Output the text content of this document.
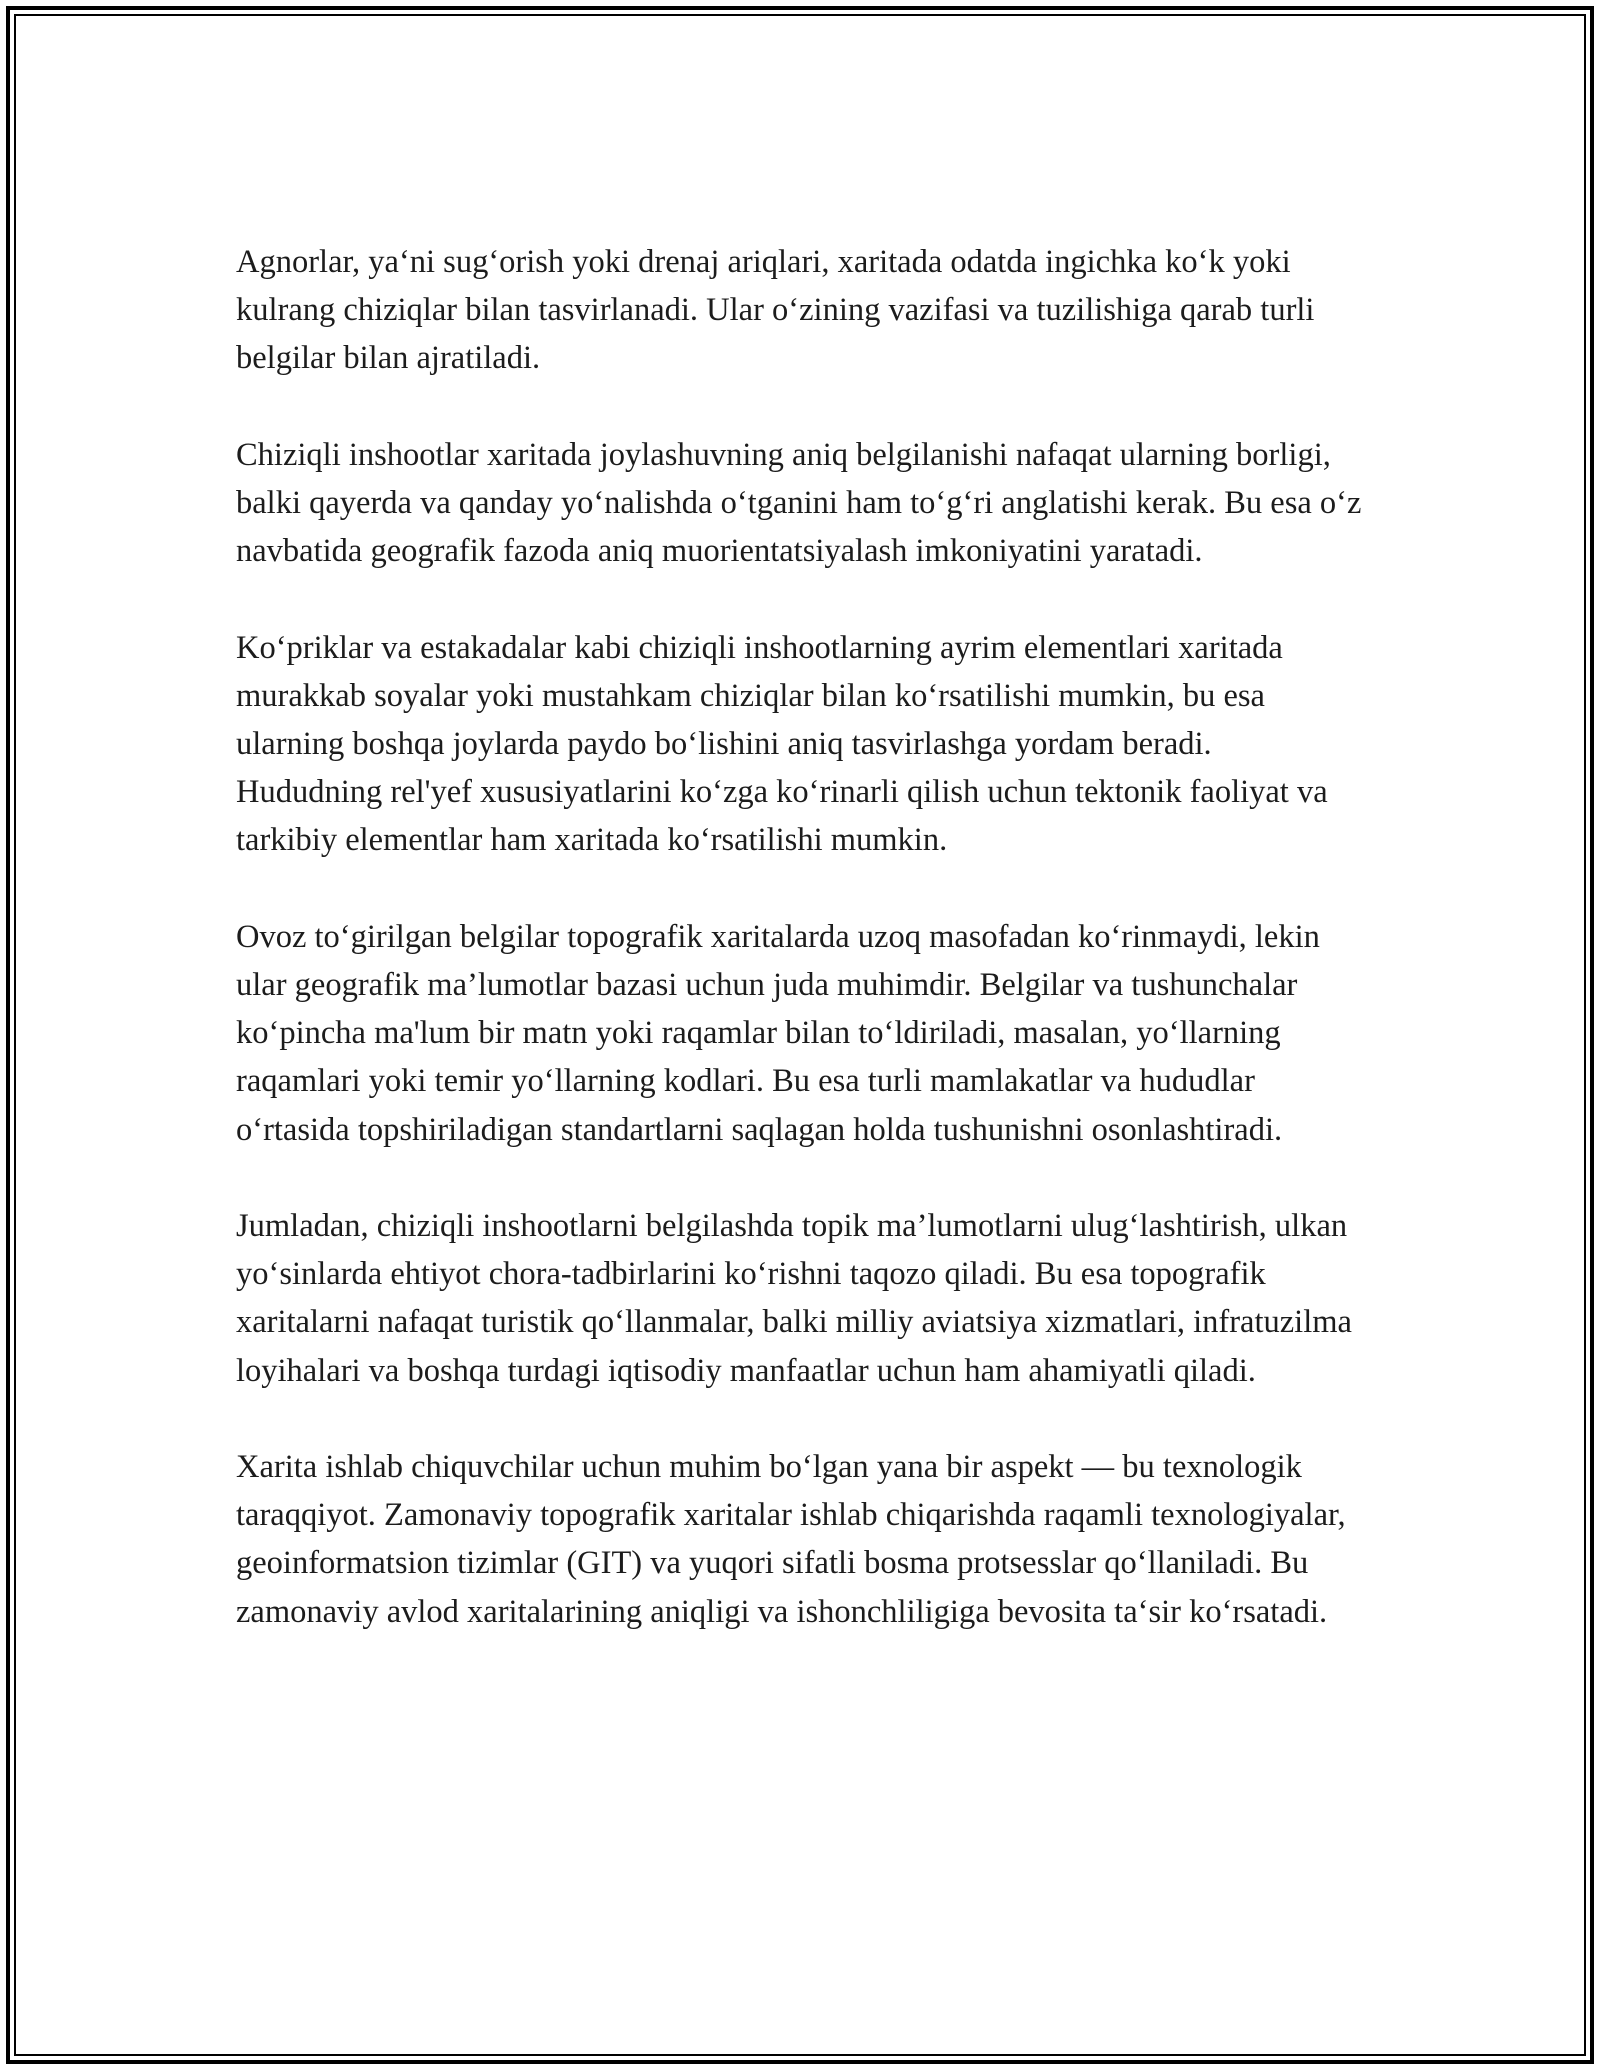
Agnorlar, ya‘ni sug‘orish yoki drenaj ariqlari, xaritada odatda ingichka ko‘k yoki kulrang chiziqlar bilan tasvirlanadi. Ular o‘zining vazifasi va tuzilishiga qarab turli belgilar bilan ajratiladi.

Chiziqli inshootlar xaritada joylashuvning aniq belgilanishi nafaqat ularning borligi, balki qayerda va qanday yo‘nalishda o‘tganini ham to‘g‘ri anglatishi kerak. Bu esa o‘z navbatida geografik fazoda aniq muorientatsiyalash imkoniyatini yaratadi.

Ko‘priklar va estakadalar kabi chiziqli inshootlarning ayrim elementlari xaritada murakkab soyalar yoki mustahkam chiziqlar bilan ko‘rsatilishi mumkin, bu esa ularning boshqa joylarda paydo bo‘lishini aniq tasvirlashga yordam beradi. Hududning rel'yef xususiyatlarini ko‘zga ko‘rinarli qilish uchun tektonik faoliyat va tarkibiy elementlar ham xaritada ko‘rsatilishi mumkin.

Ovoz to‘girilgan belgilar topografik xaritalarda uzoq masofadan ko‘rinmaydi, lekin ular geografik ma’lumotlar bazasi uchun juda muhimdir. Belgilar va tushunchalar ko‘pincha ma'lum bir matn yoki raqamlar bilan to‘ldiriladi, masalan, yo‘llarning raqamlari yoki temir yo‘llarning kodlari. Bu esa turli mamlakatlar va hududlar o‘rtasida topshiriladigan standartlarni saqlagan holda tushunishni osonlashtiradi.

Jumladan, chiziqli inshootlarni belgilashda topik ma’lumotlarni ulug‘lashtirish, ulkan yo‘sinlarda ehtiyot chora-tadbirlarini ko‘rishni taqozo qiladi. Bu esa topografik xaritalarni nafaqat turistik qo‘llanmalar, balki milliy aviatsiya xizmatlari, infratuzilma loyihalari va boshqa turdagi iqtisodiy manfaatlar uchun ham ahamiyatli qiladi.

Xarita ishlab chiquvchilar uchun muhim bo‘lgan yana bir aspekt — bu texnologik taraqqiyot. Zamonaviy topografik xaritalar ishlab chiqarishda raqamli texnologiyalar, geoinformatsion tizimlar (GIT) va yuqori sifatli bosma protsesslar qo‘llaniladi. Bu zamonaviy avlod xaritalarining aniqligi va ishonchliligiga bevosita ta‘sir ko‘rsatadi.
